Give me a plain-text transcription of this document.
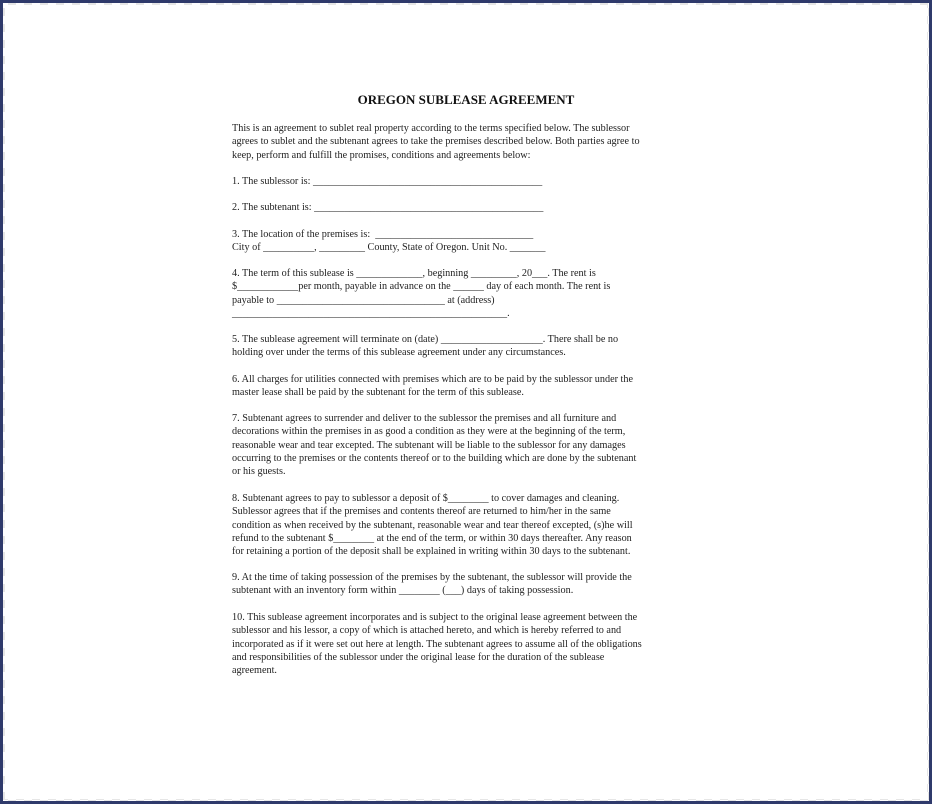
OREGON SUBLEASE AGREEMENT
This is an agreement to sublet real property according to the terms specified below. The sublessor
agrees to sublet and the subtenant agrees to take the premises described below. Both parties agree to
keep, perform and fulfill the promises, conditions and agreements below:
1. The sublessor is: _____________________________________________
2. The subtenant is: _____________________________________________
3. The location of the premises is:  _______________________________
City of __________, _________ County, State of Oregon. Unit No. _______
4. The term of this sublease is _____________, beginning _________, 20___. The rent is
$____________per month, payable in advance on the ______ day of each month. The rent is
payable to _________________________________ at (address)
______________________________________________________.
5. The sublease agreement will terminate on (date) ____________________. There shall be no
holding over under the terms of this sublease agreement under any circumstances.
6. All charges for utilities connected with premises which are to be paid by the sublessor under the
master lease shall be paid by the subtenant for the term of this sublease.
7. Subtenant agrees to surrender and deliver to the sublessor the premises and all furniture and
decorations within the premises in as good a condition as they were at the beginning of the term,
reasonable wear and tear excepted. The subtenant will be liable to the sublessor for any damages
occurring to the premises or the contents thereof or to the building which are done by the subtenant
or his guests.
8. Subtenant agrees to pay to sublessor a deposit of $________ to cover damages and cleaning.
Sublessor agrees that if the premises and contents thereof are returned to him/her in the same
condition as when received by the subtenant, reasonable wear and tear thereof excepted, (s)he will
refund to the subtenant $________ at the end of the term, or within 30 days thereafter. Any reason
for retaining a portion of the deposit shall be explained in writing within 30 days to the subtenant.
9. At the time of taking possession of the premises by the subtenant, the sublessor will provide the
subtenant with an inventory form within ________ (___) days of taking possession.
10. This sublease agreement incorporates and is subject to the original lease agreement between the
sublessor and his lessor, a copy of which is attached hereto, and which is hereby referred to and
incorporated as if it were set out here at length. The subtenant agrees to assume all of the obligations
and responsibilities of the sublessor under the original lease for the duration of the sublease
agreement.
